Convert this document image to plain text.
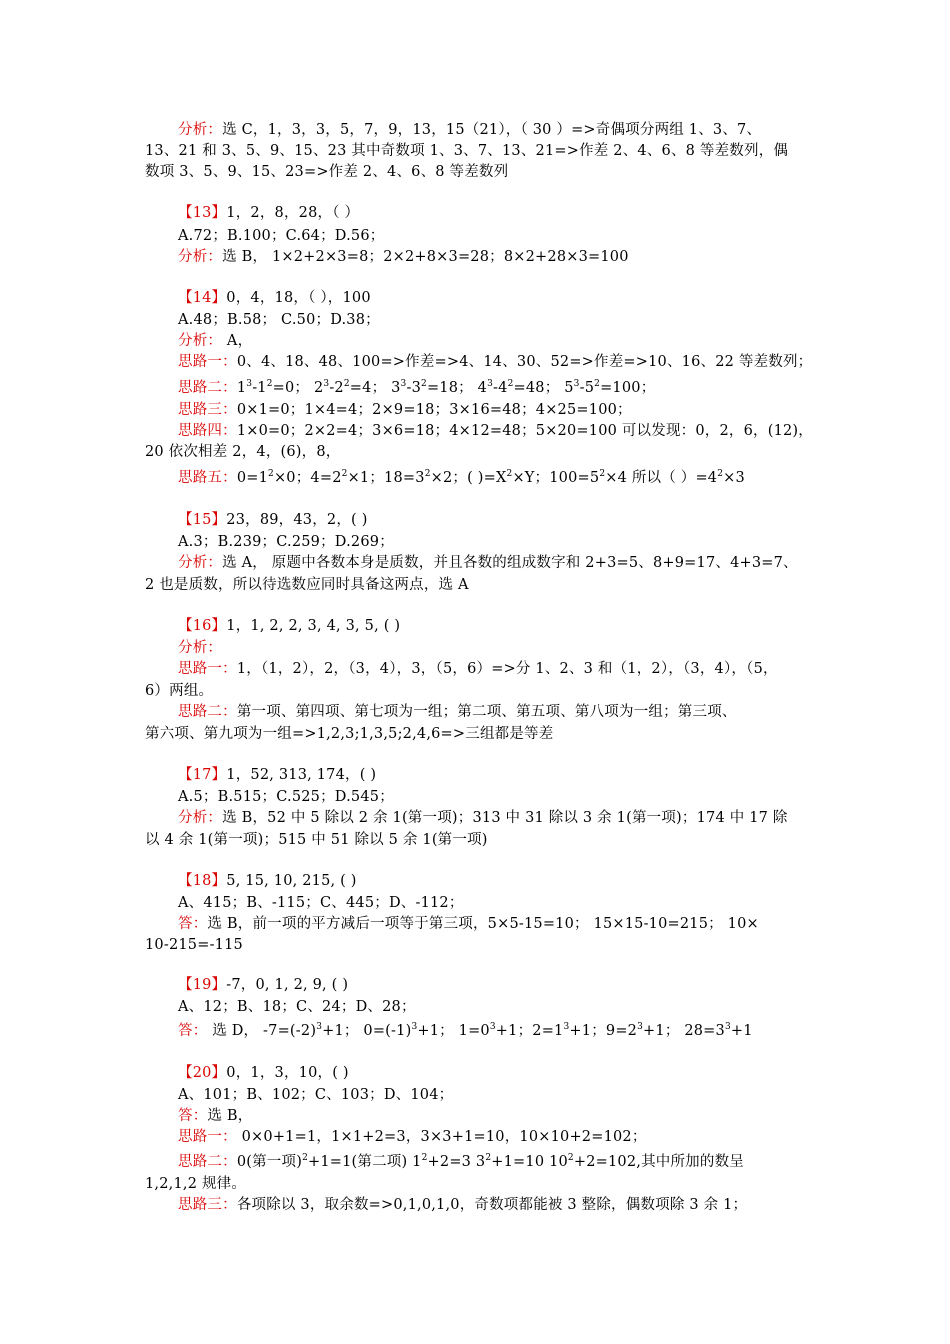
分析：选 C，1，3，3，5，7，9，13，15（21），（ 30 ）=>奇偶项分两组 1、3、7、
13、21 和 3、5、9、15、23 其中奇数项 1、3、7、13、21=>作差 2、4、6、8 等差数列，偶
数项 3、5、9、15、23=>作差 2、4、6、8 等差数列
【13】1，2，8，28，（ ）
A.72；B.100；C.64；D.56；
分析：选 B， 1×2+2×3=8；2×2+8×3=28；8×2+28×3=100
【14】0，4，18，（ ），100
A.48；B.58； C.50；D.38；
分析： A，
思路一：0、4、18、48、100=>作差=>4、14、30、52=>作差=>10、16、22 等差数列；
思路二：$1^3-1^2=0$； $2^3-2^2=4$； $3^3-3^2=18$； $4^3-4^2=48$； $5^3-5^2=100$；
思路三：0×1=0；1×4=4；2×9=18；3×16=48；4×25=100；
思路四：1×0=0；2×2=4；3×6=18；4×12=48；5×20=100 可以发现：0，2，6，(12)，
20 依次相差 2，4，(6)，8，
思路五：$0=1^2\times 0$；$4=2^2\times 1$；$18=3^2\times 2$；( )$=X^2\times Y$；$100=5^2\times 4$ 所以（ ）$=4^2\times 3$
【15】23，89，43，2，( )
A.3；B.239；C.259；D.269；
分析：选 A， 原题中各数本身是质数，并且各数的组成数字和 2+3=5、8+9=17、4+3=7、
2 也是质数，所以待选数应同时具备这两点，选 A
【16】1，1, 2, 2, 3, 4, 3, 5, ( )
分析：
思路一：1，（1，2），2，（3，4），3，（5，6）=>分 1、2、3 和（1，2），（3，4），（5，
6）两组。
思路二：第一项、第四项、第七项为一组；第二项、第五项、第八项为一组；第三项、
第六项、第九项为一组=>1,2,3;1,3,5;2,4,6=>三组都是等差
【17】1，52, 313, 174，( )
A.5；B.515；C.525；D.545；
分析：选 B，52 中 5 除以 2 余 1(第一项)；313 中 31 除以 3 余 1(第一项)；174 中 17 除
以 4 余 1(第一项)；515 中 51 除以 5 余 1(第一项)
【18】5, 15, 10, 215, ( )
A、415；B、-115；C、445；D、-112；
答：选 B，前一项的平方减后一项等于第三项，5×5-15=10； 15×15-10=215； 10×
10-215=-115
【19】-7，0, 1, 2, 9, ( )
A、12；B、18；C、24；D、28；
答： 选 D， $-7=(-2)^3+1$； $0=(-1)^3+1$； $1=0^3+1$；$2=1^3+1$；$9=2^3+1$； $28=3^3+1$
【20】0，1，3，10，( )
A、101；B、102；C、103；D、104；
答：选 B，
思路一： 0×0+1=1，1×1+2=3，3×3+1=10，10×10+2=102；
思路二：0(第一项)$^2$+1=1(第二项) $1^2+2=3$ $3^2+1=10$ $10^2+2=102$,其中所加的数呈
1,2,1,2 规律。
思路三：各项除以 3，取余数=>0,1,0,1,0，奇数项都能被 3 整除，偶数项除 3 余 1；
